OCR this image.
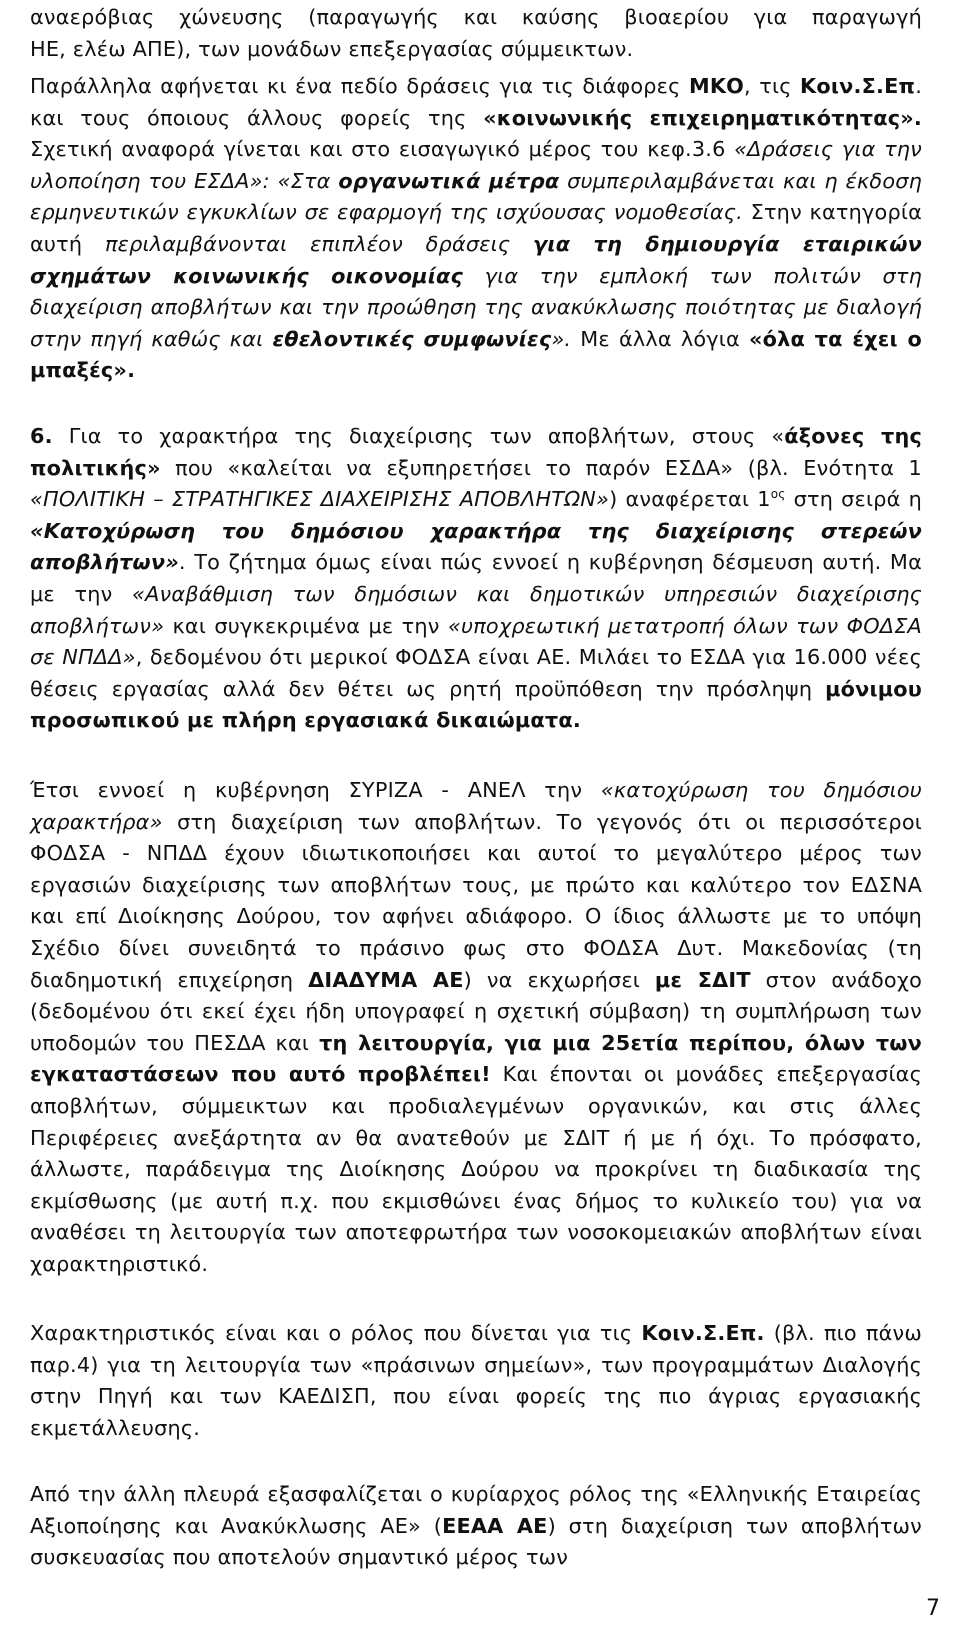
αναερόβιας χώνευσης (παραγωγής και καύσης βιοαερίου για παραγωγή

ΗΕ, ελέω ΑΠΕ), των μονάδων επεξεργασίας σύμμεικτων.

Παράλληλα αφήνεται κι ένα πεδίο δράσεις για τις διάφορες ΜΚΟ, τις Κοιν.Σ.Επ. και τους όποιους άλλους φορείς της «κοινωνικής επιχειρηματικότητας». Σχετική αναφορά γίνεται και στο εισαγωγικό μέρος του κεφ.3.6 «Δράσεις για την υλοποίηση του ΕΣΔΑ»: «Στα οργανωτικά μέτρα συμπεριλαμβάνεται και η έκδοση ερμηνευτικών εγκυκλίων σε εφαρμογή της ισχύουσας νομοθεσίας. Στην κατηγορία αυτή περιλαμβάνονται επιπλέον δράσεις για τη δημιουργία εταιρικών σχημάτων κοινωνικής οικονομίας για την εμπλοκή των πολιτών στη διαχείριση αποβλήτων και την προώθηση της ανακύκλωσης ποιότητας με διαλογή στην πηγή καθώς και εθελοντικές συμφωνίες». Με άλλα λόγια «όλα τα έχει ο μπαξές».

6. Για το χαρακτήρα της διαχείρισης των αποβλήτων, στους «άξονες της πολιτικής» που «καλείται να εξυπηρετήσει το παρόν ΕΣΔΑ» (βλ. Ενότητα 1 «ΠΟΛΙΤΙΚΗ – ΣΤΡΑΤΗΓΙΚΕΣ ΔΙΑΧΕΙΡΙΣΗΣ ΑΠΟΒΛΗΤΩΝ») αναφέρεται $1^{o\varsigma}$ στη σειρά η «Κατοχύρωση του δημόσιου χαρακτήρα της διαχείρισης στερεών αποβλήτων». Το ζήτημα όμως είναι πώς εννοεί η κυβέρνηση δέσμευση αυτή. Μα με την «Αναβάθμιση των δημόσιων και δημοτικών υπηρεσιών διαχείρισης αποβλήτων» και συγκεκριμένα με την «υποχρεωτική μετατροπή όλων των ΦΟΔΣΑ σε ΝΠΔΔ», δεδομένου ότι μερικοί ΦΟΔΣΑ είναι ΑΕ. Μιλάει το ΕΣΔΑ για 16.000 νέες θέσεις εργασίας αλλά δεν θέτει ως ρητή προϋπόθεση την πρόσληψη μόνιμου προσωπικού με πλήρη εργασιακά δικαιώματα.

Έτσι εννοεί η κυβέρνηση ΣΥΡΙΖΑ - ΑΝΕΛ την «κατοχύρωση του δημόσιου χαρακτήρα» στη διαχείριση των αποβλήτων. Το γεγονός ότι οι περισσότεροι ΦΟΔΣΑ - ΝΠΔΔ έχουν ιδιωτικοποιήσει και αυτοί το μεγαλύτερο μέρος των εργασιών διαχείρισης των αποβλήτων τους, με πρώτο και καλύτερο τον ΕΔΣΝΑ και επί Διοίκησης Δούρου, τον αφήνει αδιάφορο. Ο ίδιος άλλωστε με το υπόψη Σχέδιο δίνει συνειδητά το πράσινο φως στο ΦΟΔΣΑ Δυτ. Μακεδονίας (τη διαδημοτική επιχείρηση ΔΙΑΔΥΜΑ ΑΕ) να εκχωρήσει με ΣΔΙΤ στον ανάδοχο (δεδομένου ότι εκεί έχει ήδη υπογραφεί η σχετική σύμβαση) τη συμπλήρωση των υποδομών του ΠΕΣΔΑ και τη λειτουργία, για μια 25ετία περίπου, όλων των εγκαταστάσεων που αυτό προβλέπει! Και έπονται οι μονάδες επεξεργασίας αποβλήτων, σύμμεικτων και προδιαλεγμένων οργανικών, και στις άλλες Περιφέρειες ανεξάρτητα αν θα ανατεθούν με ΣΔΙΤ ή με ή όχι. Το πρόσφατο, άλλωστε, παράδειγμα της Διοίκησης Δούρου να προκρίνει τη διαδικασία της εκμίσθωσης (με αυτή π.χ. που εκμισθώνει ένας δήμος το κυλικείο του) για να αναθέσει τη λειτουργία των αποτεφρωτήρα των νοσοκομειακών αποβλήτων είναι χαρακτηριστικό.

Χαρακτηριστικός είναι και ο ρόλος που δίνεται για τις Κοιν.Σ.Επ. (βλ. πιο πάνω παρ.4) για τη λειτουργία των «πράσινων σημείων», των προγραμμάτων Διαλογής στην Πηγή και των ΚΑΕΔΙΣΠ, που είναι φορείς της πιο άγριας εργασιακής εκμετάλλευσης.

Από την άλλη πλευρά εξασφαλίζεται ο κυρίαρχος ρόλος της «Ελληνικής Εταιρείας Αξιοποίησης και Ανακύκλωσης ΑΕ» (ΕΕΑΑ ΑΕ) στη διαχείριση των αποβλήτων συσκευασίας που αποτελούν σημαντικό μέρος των

7
